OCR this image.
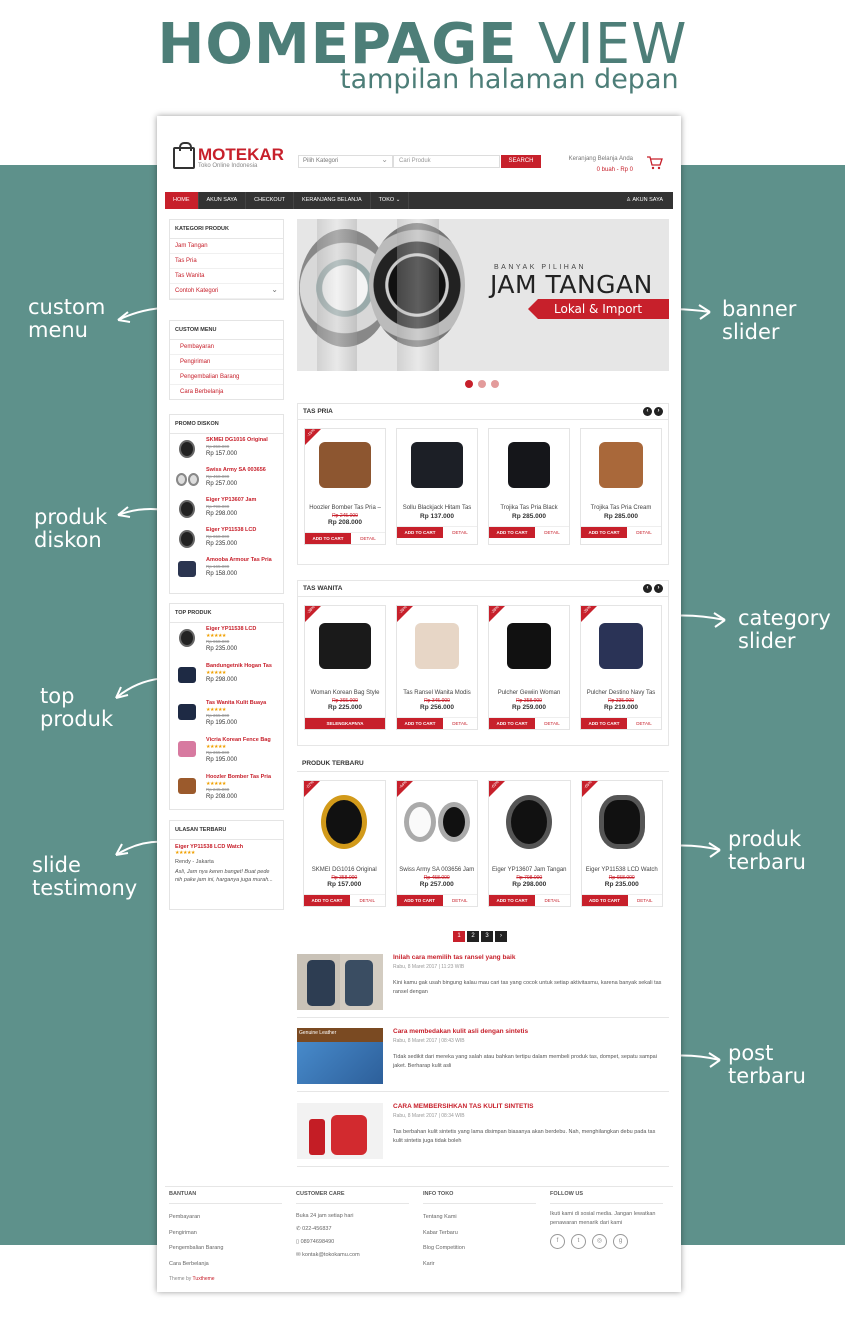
HOMEPAGE VIEW
tampilan halaman depan
custom
menu
produk
diskon
top
produk
slide
testimony
banner
slider
category
slider
produk
terbaru
post
terbaru
MOTEKAR
Toko Online Indonesia
Pilih Kategori ⌄	Cari Produk	SEARCH	Keranjang Belanja Anda
0 buah - Rp 0
HOME	AKUN SAYA	CHECKOUT	KERANJANG BELANJA	TOKO ⌄	♙ AKUN SAYA
KATEGORI PRODUK
Jam Tangan
Tas Pria
Tas Wanita
Contoh Kategori ⌄
CUSTOM MENU
Pembayaran
Pengiriman
Pengembalian Barang
Cara Berbelanja
PROMO DISKON
SKMEI DG1016 Original
Rp 358.000
Rp 157.000
Swiss Army SA 003656
Rp 458.000
Rp 257.000
Eiger YP13607 Jam
Rp 798.000
Rp 298.000
Eiger YP11538 LCD
Rp 658.000
Rp 235.000
Amooba Armour Tas Pria
Rp 165.000
Rp 158.000
TOP PRODUK
Eiger YP11538 LCD
★★★★★
Rp 658.000
Rp 235.000
Bandungetnik Hogan Tas
★★★★★
Rp 298.000
Tas Wanita Kulit Buaya
★★★★★
Rp 365.000
Rp 195.000
Vicria Korean Fence Bag
★★★★★
Rp 365.000
Rp 195.000
Hoozler Bomber Tas Pria
★★★★★
Rp 245.000
Rp 208.000
ULASAN TERBARU
Eiger YP11538 LCD Watch
★★★★★
Rendy - Jakarta
Asli, Jam nya keren banget! Buat pede nih pake jam ini, harganya juga murah...
BANYAK PILIHAN
JAM TANGAN
Lokal & Import
TAS PRIA	‹	›
-15%
Hoozler Bomber Tas Pria –
Rp 245.000
Rp 208.000
ADD TO CART	DETAIL
Sollu Blackjack Hitam Tas
Rp 137.000
ADD TO CART	DETAIL
Trojika Tas Pria Black
Rp 285.000
ADD TO CART	DETAIL
Trojika Tas Pria Cream
Rp 285.000
ADD TO CART	DETAIL
TAS WANITA	‹	›
-38%
Woman Korean Bag Style
Rp 365.000
Rp 225.000
SELENGKAPNYA
-26%
Tas Ransel Wanita Modis
Rp 345.000
Rp 256.000
ADD TO CART	DETAIL
-28%
Pulcher Gewiin Woman
Rp 358.000
Rp 259.000
ADD TO CART	DETAIL
-35%
Pulcher Destino Navy Tas
Rp 335.000
Rp 219.000
ADD TO CART	DETAIL
PRODUK TERBARU
-57%
SKMEI DG1016 Original
Rp 358.000
Rp 157.000
ADD TO CART	DETAIL
-44%
Swiss Army SA 003656 Jam
Rp 458.000
Rp 257.000
ADD TO CART	DETAIL
-63%
Eiger YP13607 Jam Tangan
Rp 798.000
Rp 298.000
ADD TO CART	DETAIL
-65%
Eiger YP11538 LCD Watch
Rp 658.000
Rp 235.000
ADD TO CART	DETAIL
1	2	3	›
Inilah cara memilih tas ransel yang baik
Rabu, 8 Maret 2017 | 11:23 WIB
Kini kamu gak usah bingung kalau mau cari tas yang cocok untuk setiap aktivitasmu, karena banyak sekali tas ransel dengan
Genuine Leather	Cara membedakan kulit asli dengan sintetis
Rabu, 8 Maret 2017 | 08:43 WIB
Tidak sedikit dari mereka yang salah atau bahkan tertipu dalam membeli produk tas, dompet, sepatu sampai jaket. Berharap kulit asli
CARA MEMBERSIHKAN TAS KULIT SINTETIS
Rabu, 8 Maret 2017 | 08:34 WIB
Tas berbahan kulit sintetis yang lama disimpan biasanya akan berdebu. Nah, menghilangkan debu pada tas kulit sintetis juga tidak boleh
BANTUAN
Pembayaran
Pengiriman
Pengembalian Barang
Cara Berbelanja
CUSTOMER CARE
Buka 24 jam setiap hari
✆ 022-456837
▯ 08974698490
✉ kontak@tokokamu.com
INFO TOKO
Tentang Kami
Kabar Terbaru
Blog Competition
Karir
FOLLOW US
Ikuti kami di sosial media. Jangan lewatkan penawaran menarik dari kami
f	t	◎	g
Theme by Tuxtheme
